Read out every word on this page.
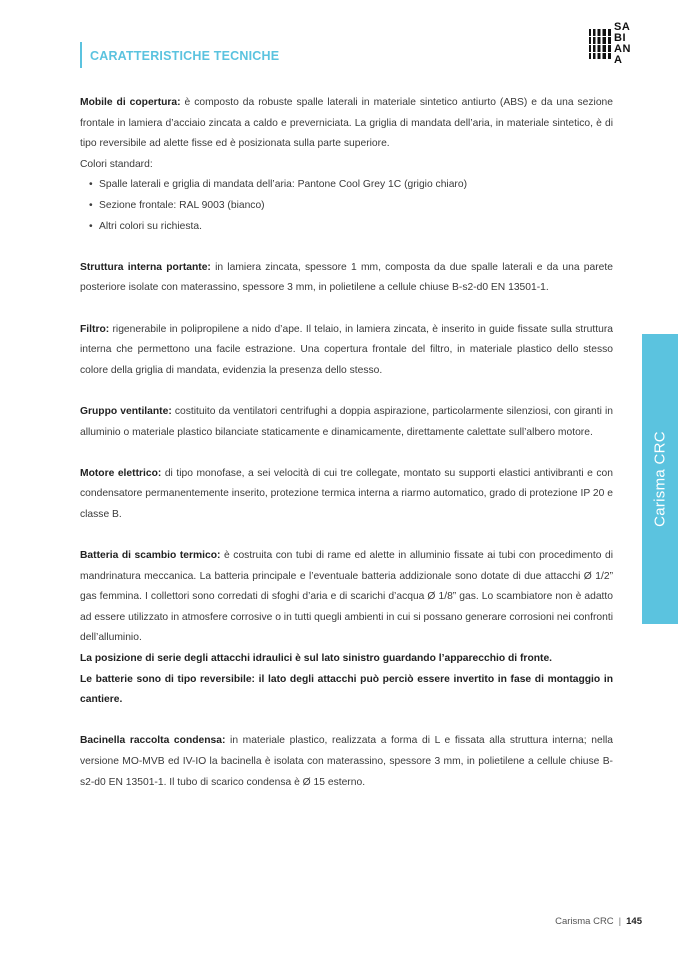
CARATTERISTICHE TECNICHE
SA
BI
AN
A
Carisma CRC

Mobile di copertura: è composto da robuste spalle laterali in materiale sintetico antiurto (ABS) e da una sezione frontale in lamiera d’acciaio zincata a caldo e preverniciata. La griglia di mandata dell’aria, in materiale sintetico, è di tipo reversibile ad alette fisse ed è posizionata sulla parte superiore.

Colori standard:

• Spalle laterali e griglia di mandata dell’aria: Pantone Cool Grey 1C (grigio chiaro)
• Sezione frontale: RAL 9003 (bianco)
• Altri colori su richiesta.

Struttura interna portante: in lamiera zincata, spessore 1 mm, composta da due spalle laterali e da una parete posteriore isolate con materassino, spessore 3 mm, in polietilene a cellule chiuse B-s2-d0 EN 13501-1.

Filtro: rigenerabile in polipropilene a nido d’ape. Il telaio, in lamiera zincata, è inserito in guide fissate sulla struttura interna che permettono una facile estrazione. Una copertura frontale del filtro, in materiale plastico dello stesso colore della griglia di mandata, evidenzia la presenza dello stesso.

Gruppo ventilante: costituito da ventilatori centrifughi a doppia aspirazione, particolarmente silenziosi, con giranti in alluminio o materiale plastico bilanciate staticamente e dinamicamente, direttamente calettate sull’albero motore.

Motore elettrico: di tipo monofase, a sei velocità di cui tre collegate, montato su supporti elastici antivibranti e con condensatore permanentemente inserito, protezione termica interna a riarmo automatico, grado di protezione IP 20 e classe B.

Batteria di scambio termico: è costruita con tubi di rame ed alette in alluminio fissate ai tubi con procedimento di mandrinatura meccanica. La batteria principale e l’eventuale batteria addizionale sono dotate di due attacchi Ø 1/2” gas femmina. I collettori sono corredati di sfoghi d’aria e di scarichi d’acqua Ø 1/8” gas. Lo scambiatore non è adatto ad essere utilizzato in atmosfere corrosive o in tutti quegli ambienti in cui si possano generare corrosioni nei confronti dell’alluminio.

La posizione di serie degli attacchi idraulici è sul lato sinistro guardando l’apparecchio di fronte.

Le batterie sono di tipo reversibile: il lato degli attacchi può perciò essere invertito in fase di montaggio in cantiere.

Bacinella raccolta condensa: in materiale plastico, realizzata a forma di L e fissata alla struttura interna; nella versione MO-MVB ed IV-IO la bacinella è isolata con materassino, spessore 3 mm, in polietilene a cellule chiuse B-s2-d0 EN 13501-1. Il tubo di scarico condensa è Ø 15 esterno.

Carisma CRC | 145
